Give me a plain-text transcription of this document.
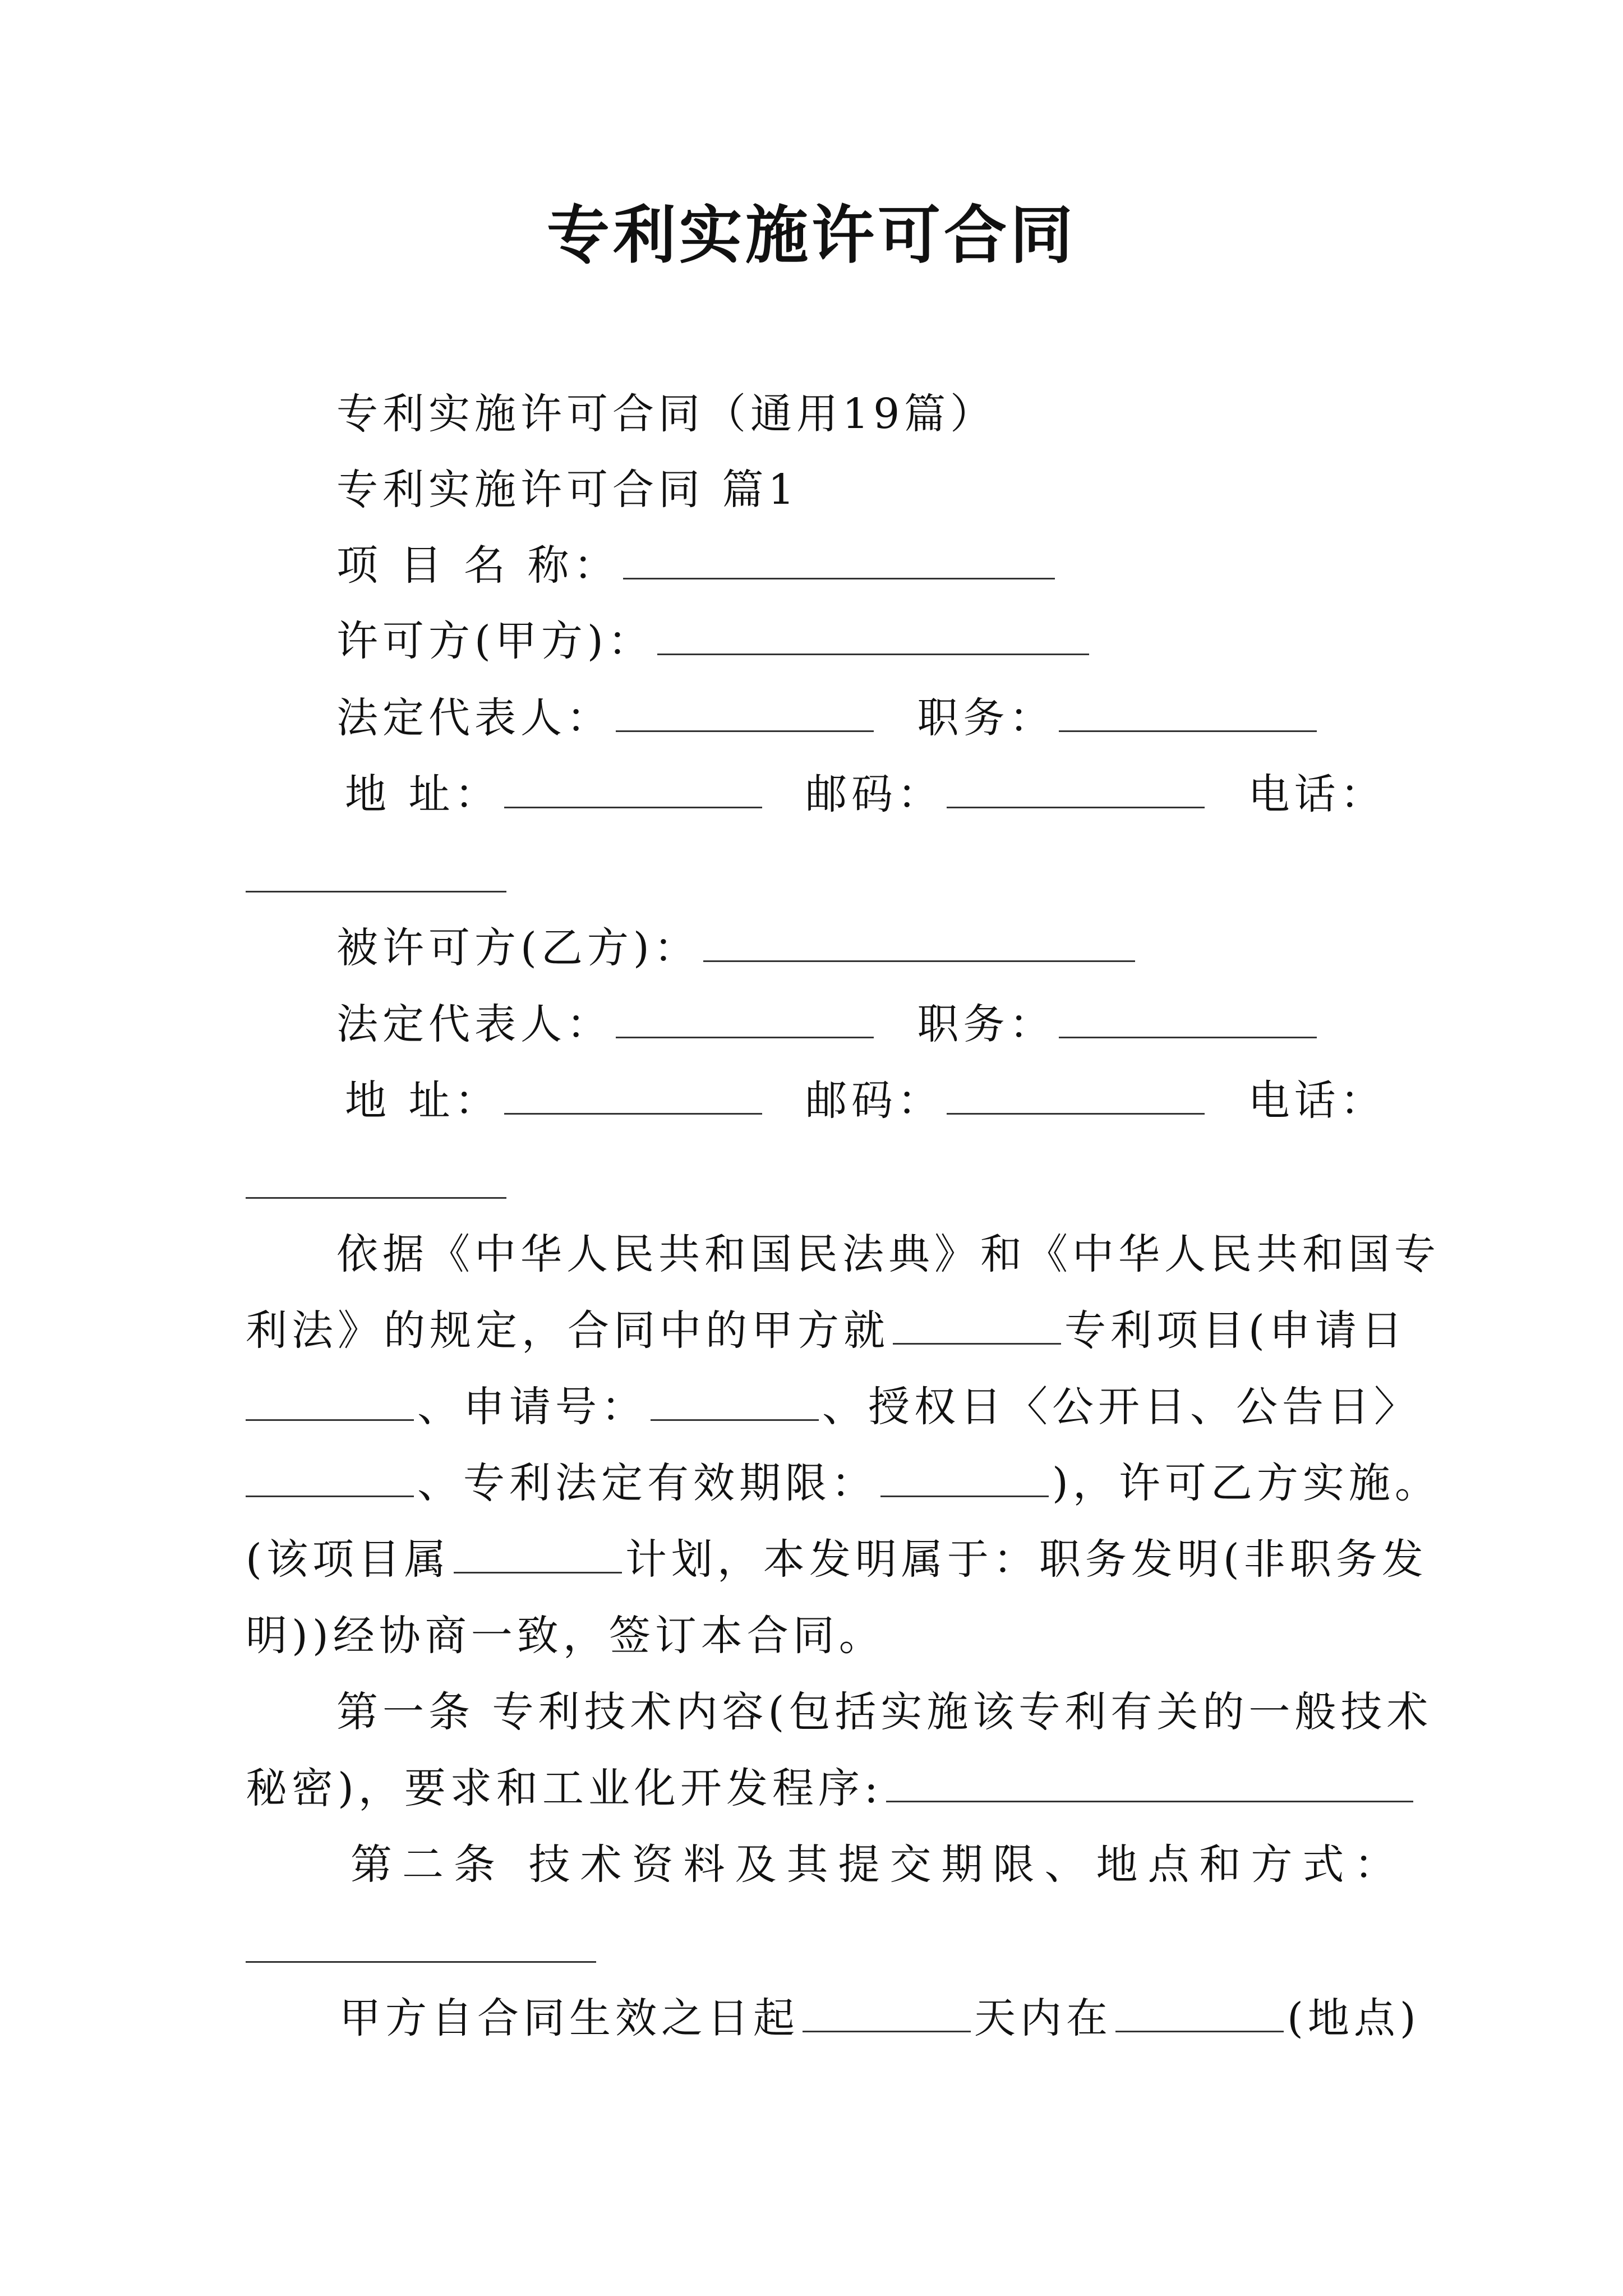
专利实施许可合同
专利实施许可合同（通用19篇）
专利实施许可合同 篇1
项 目 名 称：
许可方(甲方)：
法定代表人：	职务：
地 址：	邮码：	电话：
被许可方(乙方)：
法定代表人：	职务：
地 址：	邮码：	电话：
依据《中华人民共和国民法典》和《中华人民共和国专
利法》的规定，合同中的甲方就	专利项目(申请日
、申请号：	、授权日〈公开日、公告日〉
、专利法定有效期限：	)，许可乙方实施。
(该项目属	计划，本发明属于：职务发明(非职务发
明))经协商一致，签订本合同。
第一条 专利技术内容(包括实施该专利有关的一般技术
秘密)，要求和工业化开发程序:
第二条 技术资料及其提交期限、地点和方式：
甲方自合同生效之日起	天内在	(地点)
